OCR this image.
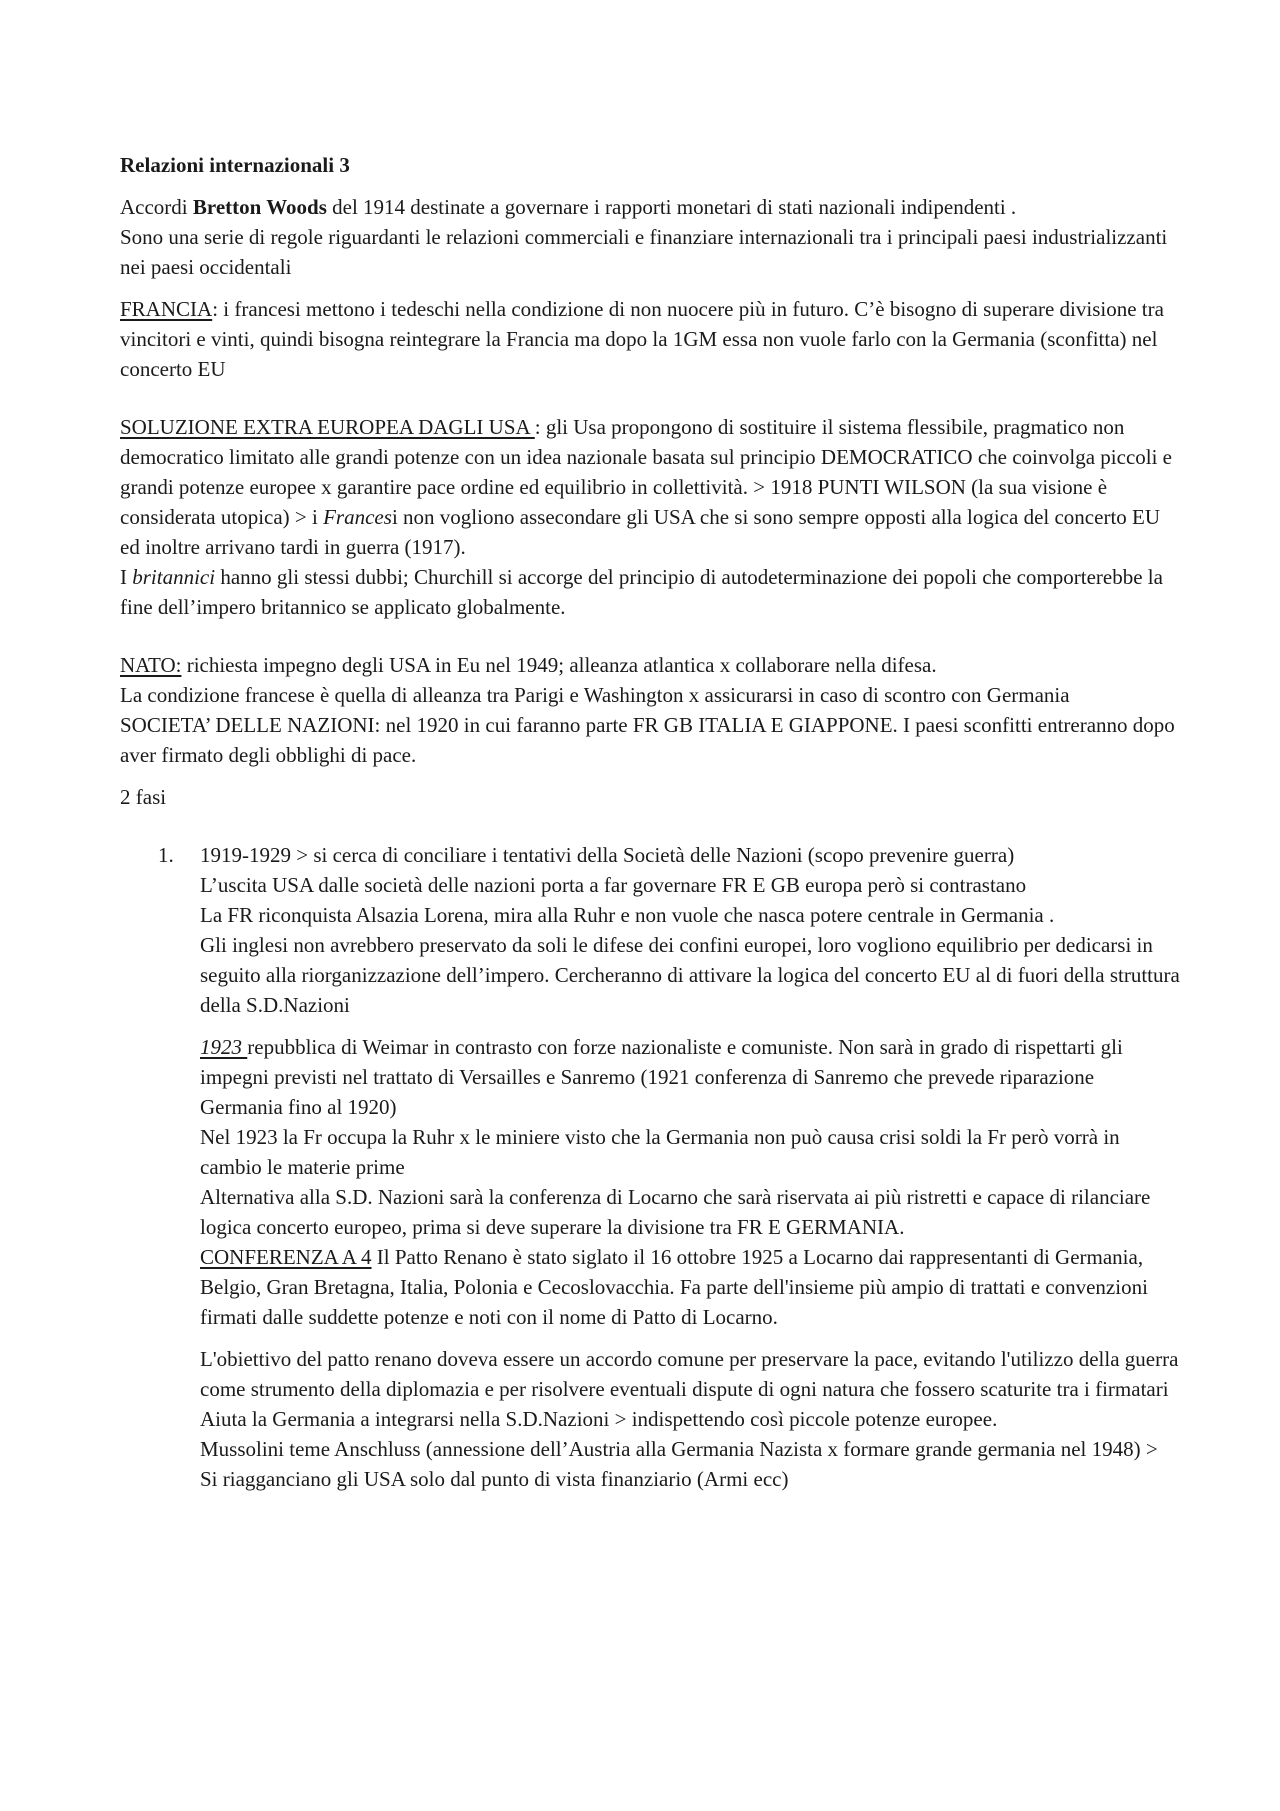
Relazioni internazionali 3

Accordi Bretton Woods del 1914 destinate a governare i rapporti monetari di stati nazionali indipendenti .
Sono una serie di regole riguardanti le relazioni commerciali e finanziare internazionali tra i principali paesi industrializzanti nei paesi occidentali

FRANCIA: i francesi mettono i tedeschi nella condizione di non nuocere più in futuro. C’è bisogno di superare divisione tra vincitori e vinti, quindi bisogna reintegrare la Francia ma dopo la 1GM essa non vuole farlo con la Germania (sconfitta) nel concerto EU

SOLUZIONE EXTRA EUROPEA DAGLI USA : gli Usa propongono di sostituire il sistema flessibile, pragmatico non democratico limitato alle grandi potenze con un idea nazionale basata sul principio DEMOCRATICO che coinvolga piccoli e grandi potenze europee x garantire pace ordine ed equilibrio in collettività. > 1918 PUNTI WILSON (la sua visione è considerata utopica) > i Francesi non vogliono assecondare gli USA che si sono sempre opposti alla logica del concerto EU ed inoltre arrivano tardi in guerra (1917).
I britannici hanno gli stessi dubbi; Churchill si accorge del principio di autodeterminazione dei popoli che comporterebbe la fine dell’impero britannico se applicato globalmente.

NATO: richiesta impegno degli USA in Eu nel 1949; alleanza atlantica x collaborare nella difesa.
La condizione francese è quella di alleanza tra Parigi e Washington x assicurarsi in caso di scontro con Germania
SOCIETA’ DELLE NAZIONI: nel 1920 in cui faranno parte FR GB ITALIA E GIAPPONE. I paesi sconfitti entreranno dopo aver firmato degli obblighi di pace.

2 fasi

1. 1919-1929 > si cerca di conciliare i tentativi della Società delle Nazioni (scopo prevenire guerra)
L’uscita USA dalle società delle nazioni porta a far governare FR E GB europa però si contrastano
La FR riconquista Alsazia Lorena, mira alla Ruhr e non vuole che nasca potere centrale in Germania .
Gli inglesi non avrebbero preservato da soli le difese dei confini europei, loro vogliono equilibrio per dedicarsi in seguito alla riorganizzazione dell’impero. Cercheranno di attivare la logica del concerto EU al di fuori della struttura della S.D.Nazioni

1923 repubblica di Weimar in contrasto con forze nazionaliste e comuniste. Non sarà in grado di rispettarti gli impegni previsti nel trattato di Versailles e Sanremo (1921 conferenza di Sanremo che prevede riparazione Germania fino al 1920)
Nel 1923 la Fr occupa la Ruhr x le miniere visto che la Germania non può causa crisi soldi la Fr però vorrà in cambio le materie prime
Alternativa alla S.D. Nazioni sarà la conferenza di Locarno che sarà riservata ai più ristretti e capace di rilanciare logica concerto europeo, prima si deve superare la divisione tra FR E GERMANIA.
CONFERENZA A 4 Il Patto Renano è stato siglato il 16 ottobre 1925 a Locarno dai rappresentanti di Germania, Belgio, Gran Bretagna, Italia, Polonia e Cecoslovacchia. Fa parte dell'insieme più ampio di trattati e convenzioni firmati dalle suddette potenze e noti con il nome di Patto di Locarno.

L'obiettivo del patto renano doveva essere un accordo comune per preservare la pace, evitando l'utilizzo della guerra come strumento della diplomazia e per risolvere eventuali dispute di ogni natura che fossero scaturite tra i firmatari
Aiuta la Germania a integrarsi nella S.D.Nazioni > indispettendo così piccole potenze europee.
Mussolini teme Anschluss (annessione dell’Austria alla Germania Nazista x formare grande germania nel 1948) > Si riagganciano gli USA solo dal punto di vista finanziario (Armi ecc)
